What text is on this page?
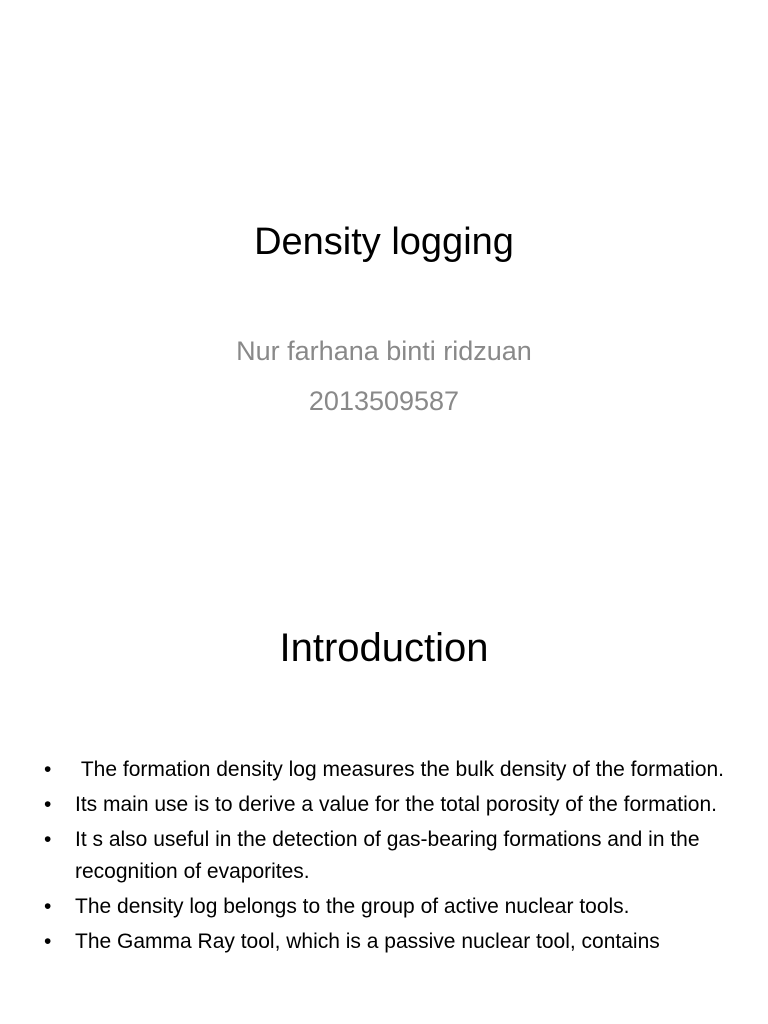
Density logging
Nur farhana binti ridzuan
2013509587
Introduction
• The formation density log measures the bulk density of the formation.
• Its main use is to derive a value for the total porosity of the formation.
• It s also useful in the detection of gas-bearing formations and in the recognition of evaporites.
• The density log belongs to the group of active nuclear tools.
• The Gamma Ray tool, which is a passive nuclear tool, contains
